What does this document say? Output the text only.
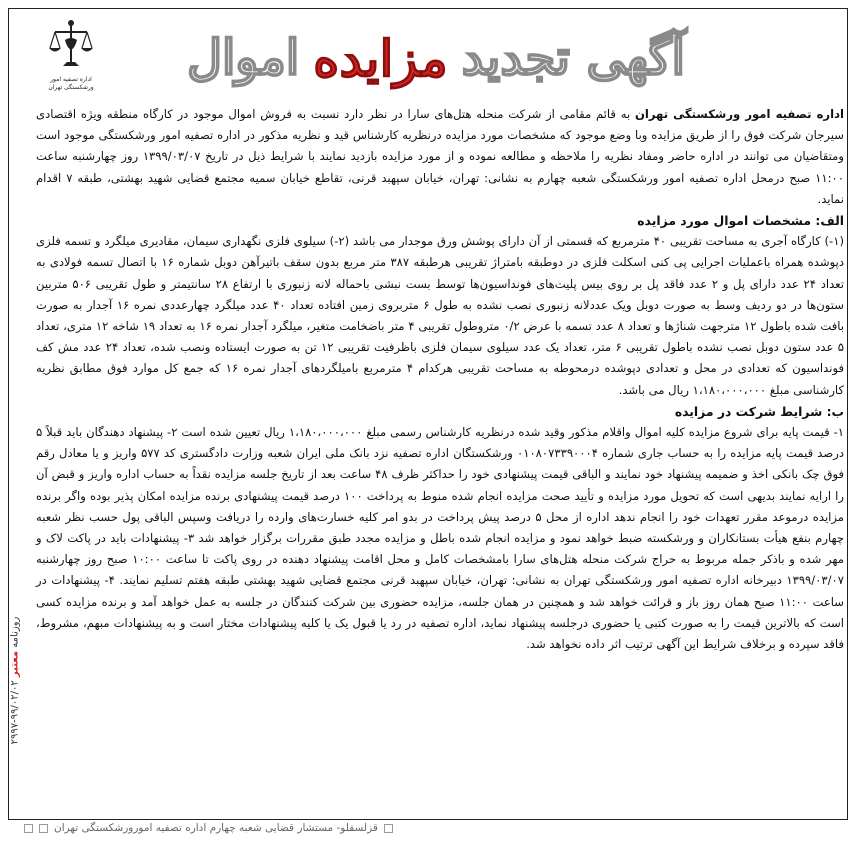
اداره تصفیه امور ورشکستگی تهران
آگهی تجدید
مزایده
اموال

اداره تصفیه امور ورشکستگی تهران به قائم مقامی از شرکت منحله هتل‌های سارا در نظر دارد نسبت به فروش اموال موجود در کارگاه منطقه ویژه اقتصادی سیرجان شرکت فوق را از طریق مزایده وبا وضع موجود که مشخصات مورد مزایده درنظریه کارشناس قید و نظریه مذکور در اداره تصفیه امور ورشکستگی موجود است ومتقاضیان می توانند در اداره حاضر ومفاد نظریه را ملاحظه و مطالعه نموده و از مورد مزایده بازدید نمایند با شرایط ذیل در تاریخ ۱۳۹۹/۰۳/۰۷ روز چهارشنبه ساعت ۱۱:۰۰ صبح درمحل اداره تصفیه امور ورشکستگی شعبه چهارم به نشانی: تهران، خیابان سپهبد قرنی، تقاطع خیابان سمیه مجتمع قضایی شهید بهشتی، طبقه ۷ اقدام نماید.

الف: مشخصات اموال مورد مزایده

(۱-) کارگاه آجری به مساحت تقریبی ۴۰ مترمربع که قسمتی از آن دارای پوشش ورق موجدار می باشد (۲-) سیلوی فلزی نگهداری سیمان، مقادیری میلگرد و تسمه فلزی دپوشده همراه باعملیات اجرایی پی کنی اسکلت فلزی در دوطبقه بامتراژ تقریبی هرطبقه ۳۸۷ متر مربع بدون سقف باتیرآهن دوبل شماره ۱۶ با اتصال تسمه فولادی به تعداد ۲۴ عدد دارای پل و ۲ عدد فاقد پل بر روی بیس پلیت‌های فونداسیون‌ها توسط بست نبشی باحماله لانه زنبوری با ارتفاع ۲۸ سانتیمتر و طول تقریبی ۵۰۶ متربین ستون‌ها در دو ردیف وسط به صورت دوبل ویک عددلانه زنبوری نصب نشده به طول ۶ متربروی زمین افتاده تعداد ۴۰ عدد میلگرد چهارعددی نمره ۱۶ آجدار به صورت بافت شده باطول ۱۲ مترجهت شناژها و تعداد ۸ عدد تسمه با عرض ۰/۲ متروطول تقریبی ۴ متر باضخامت متغیر، میلگرد آجدار نمره ۱۶ به تعداد ۱۹ شاخه ۱۲ متری، تعداد ۵ عدد ستون دوبل نصب نشده باطول تقریبی ۶ متر، تعداد یک عدد سیلوی سیمان فلزی باظرفیت تقریبی ۱۲ تن به صورت ایستاده ونصب شده، تعداد ۲۴ عدد مش کف فونداسیون که تعدادی در محل و تعدادی دپوشده درمحوطه به مساحت تقریبی هرکدام ۴ مترمربع بامیلگردهای آجدار نمره ۱۶ که جمع کل موارد فوق مطابق نظریه کارشناسی مبلغ ۱،۱۸۰،۰۰۰،۰۰۰ ریال می باشد.

ب: شرایط شرکت در مزایده

۱- قیمت پایه برای شروع مزایده کلیه اموال واقلام مذکور وقید شده درنظریه کارشناس رسمی مبلغ ۱،۱۸۰،۰۰۰،۰۰۰ ریال تعیین شده است ۲- پیشنهاد دهندگان باید قبلاً ۵ درصد قیمت پایه مزایده را به حساب جاری شماره ۰۱۰۸۰۷۳۳۹۰۰۰۴ ورشکستگان اداره تصفیه نزد بانک ملی ایران شعبه وزارت دادگستری کد ۵۷۷ واریز و یا معادل رقم فوق چک بانکی اخذ و ضمیمه پیشنهاد خود نمایند و الباقی قیمت پیشنهادی خود را حداکثر ظرف ۴۸ ساعت بعد از تاریخ جلسه مزایده نقداً به حساب اداره واریز و قبض آن را ارایه نمایند بدیهی است که تحویل مورد مزایده و تأیید صحت مزایده انجام شده منوط به پرداخت ۱۰۰ درصد قیمت پیشنهادی برنده مزایده امکان پذیر بوده واگر برنده مزایده درموعد مقرر تعهدات خود را انجام ندهد اداره از محل ۵ درصد پیش پرداخت در بدو امر کلیه خسارت‌های وارده را دریافت وسپس الباقی پول حسب نظر شعبه چهارم بنفع هیأت بستانکاران و ورشکسته ضبط خواهد نمود و مزایده انجام شده باطل و مزایده مجدد طبق مقررات برگزار خواهد شد ۳- پیشنهادات باید در پاکت لاک و مهر شده و باذکر جمله مربوط به حراج شرکت منحله هتل‌های سارا بامشخصات کامل و محل اقامت پیشنهاد دهنده در روی پاکت تا ساعت ۱۰:۰۰ صبح روز چهارشنبه ۱۳۹۹/۰۳/۰۷ دبیرخانه اداره تصفیه امور ورشکستگی تهران به نشانی: تهران، خیابان سپهبد قرنی مجتمع قضایی شهید بهشتی طبقه هفتم تسلیم نمایند. ۴- پیشنهادات در ساعت ۱۱:۰۰ صبح همان روز باز و قرائت خواهد شد و همچنین در همان جلسه، مزایده حضوری بین شرکت کنندگان در جلسه به عمل خواهد آمد و برنده مزایده کسی است که بالاترین قیمت را به صورت کتبی یا حضوری درجلسه پیشنهاد نماید، اداره تصفیه در رد یا قبول یک یا کلیه پیشنهادات مختار است و به پیشنهادات مبهم، مشروط، فاقد سپرده و برخلاف شرایط این آگهی ترتیب اثر داده نخواهد شد.

قزلسفلو- مستشار قضایی شعبه چهارم اداره تصفیه امورورشکستگی تهران
روزنامه معتبر ۹۹/۰۲/۰۲-۲۹۹۷
